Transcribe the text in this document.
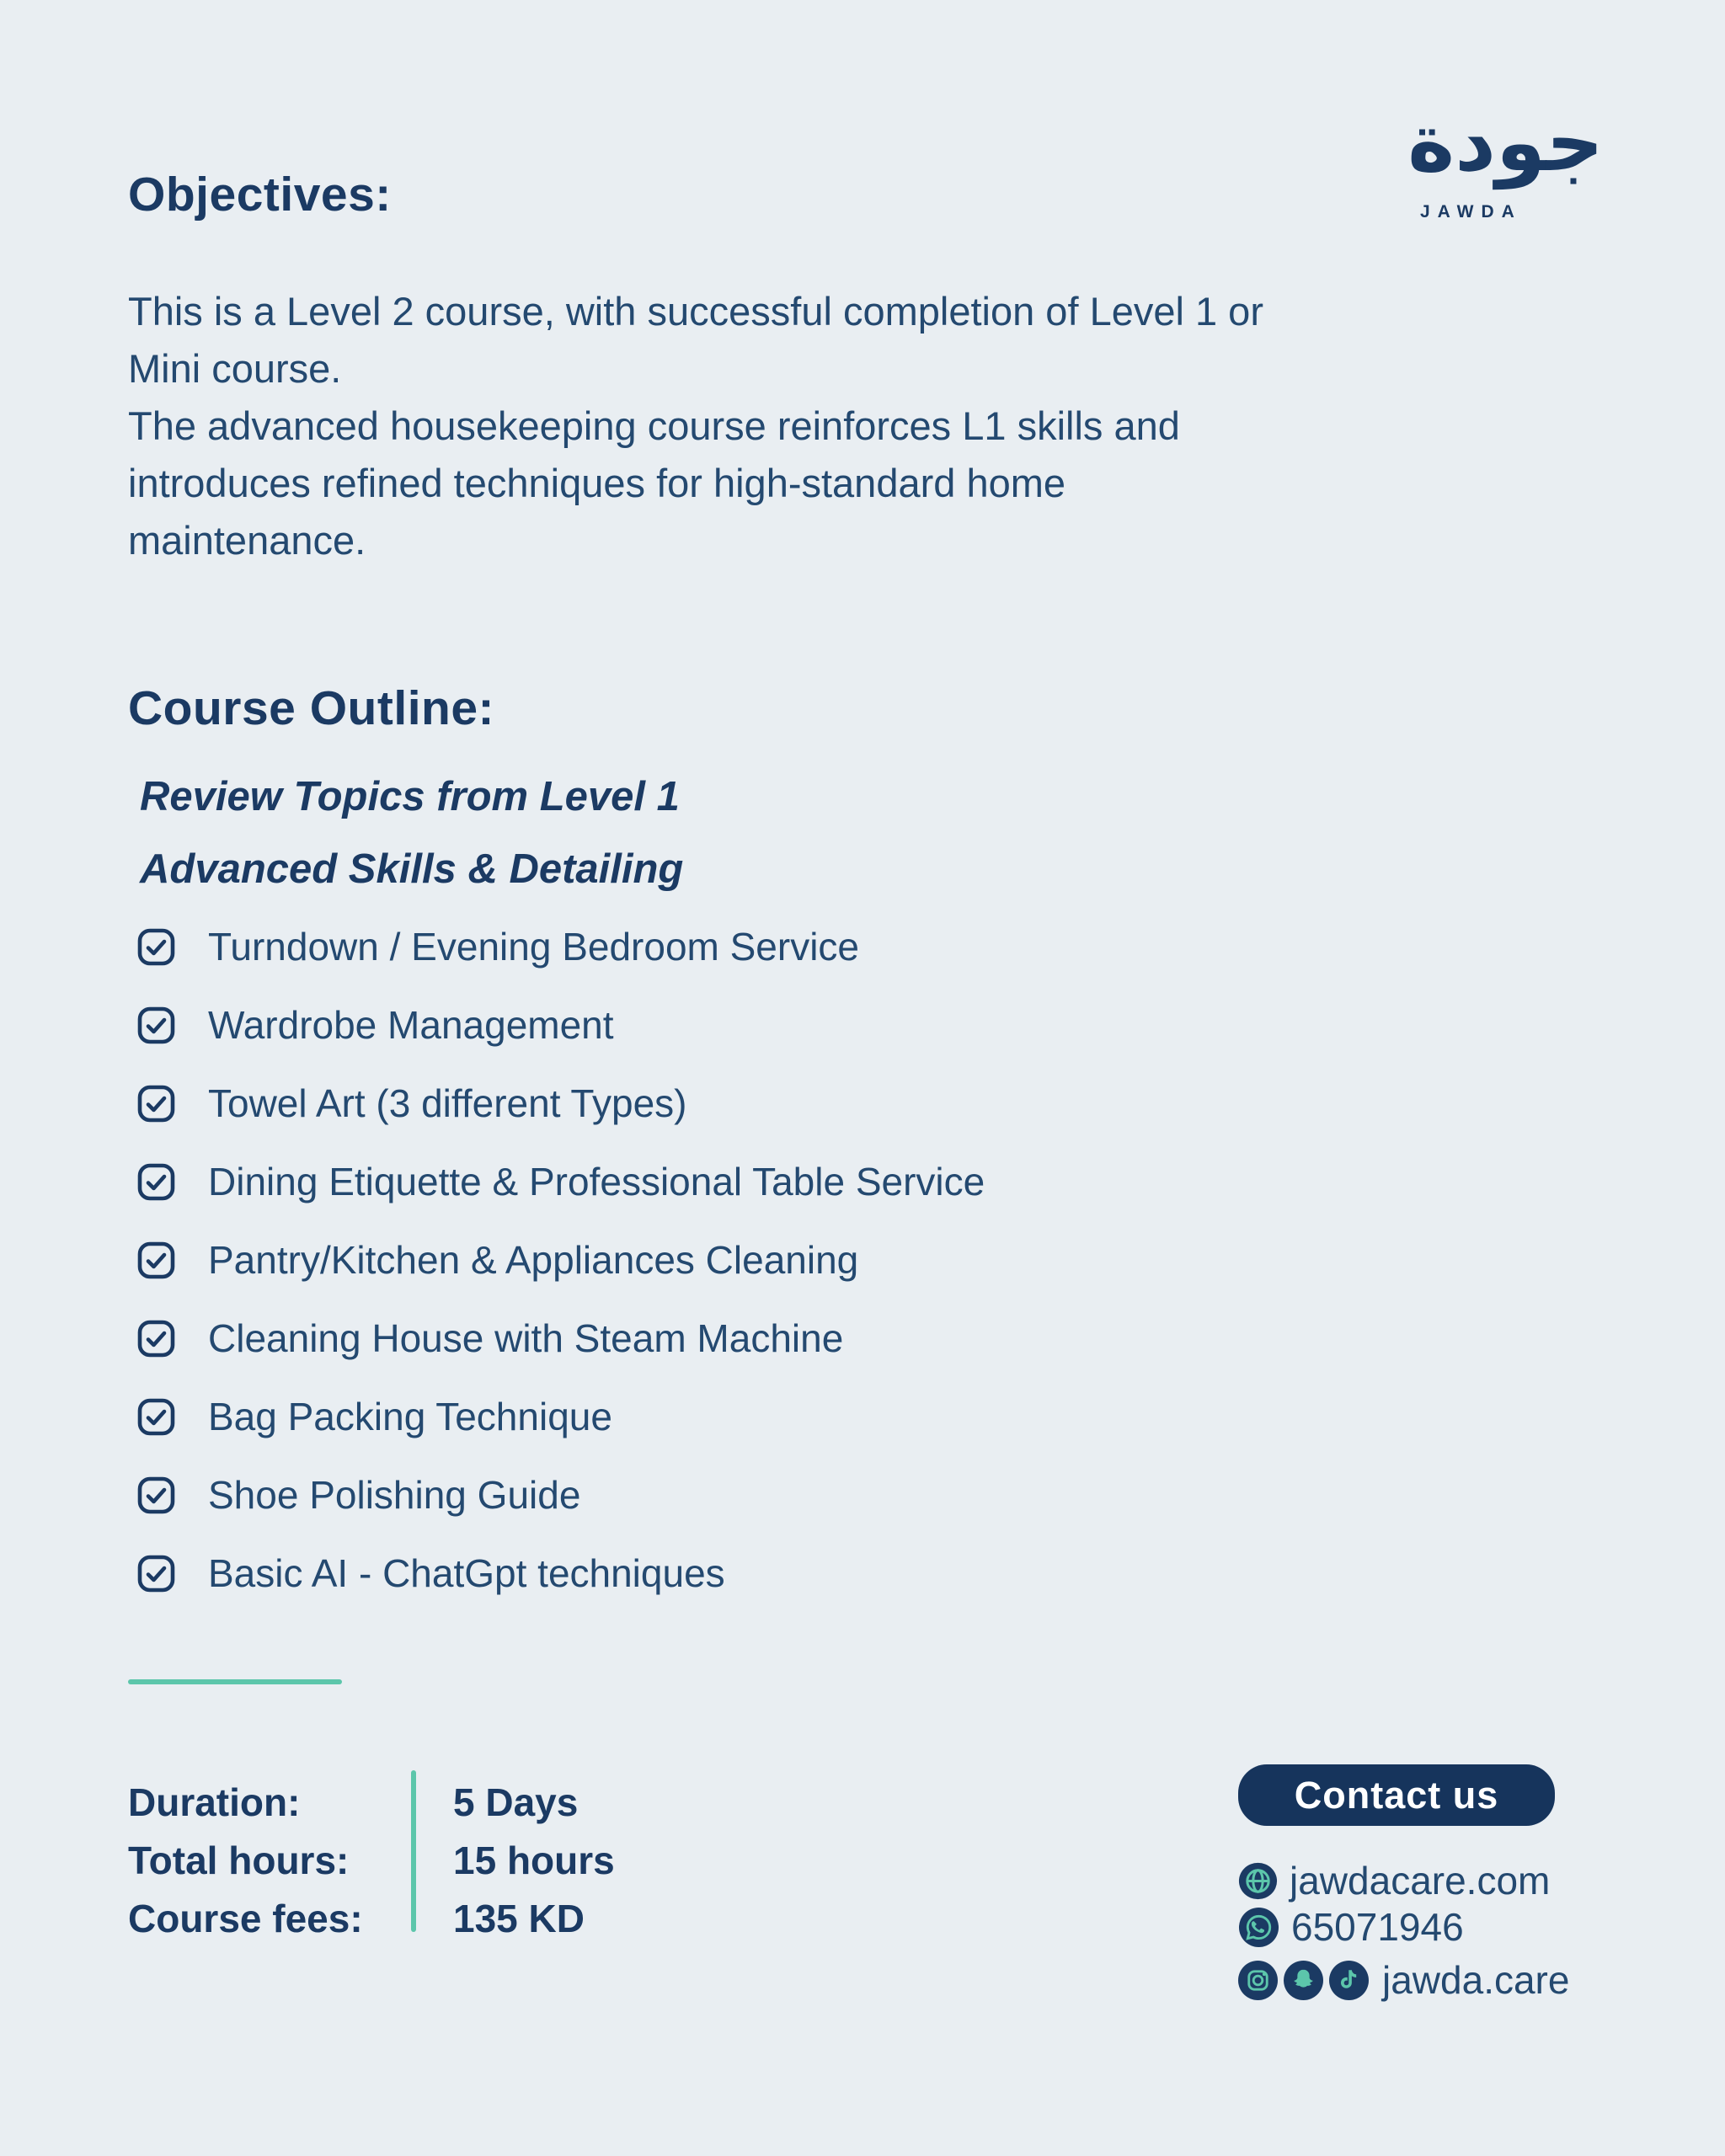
جودة
JAWDA
Objectives:
This is a Level 2 course, with successful completion of Level 1 or
Mini course.
The advanced housekeeping course reinforces L1 skills and
introduces refined techniques for high-standard home
maintenance.
Course Outline:
Review Topics from Level 1
Advanced Skills & Detailing
Turndown / Evening Bedroom Service
Wardrobe Management
Towel Art (3 different Types)
Dining Etiquette & Professional Table Service
Pantry/Kitchen & Appliances Cleaning
Cleaning House with Steam Machine
Bag Packing Technique
Shoe Polishing Guide
Basic AI - ChatGpt techniques
Duration:
Total hours:
Course fees:
5 Days
15 hours
135 KD
Contact us
jawdacare.com
65071946
jawda.care
